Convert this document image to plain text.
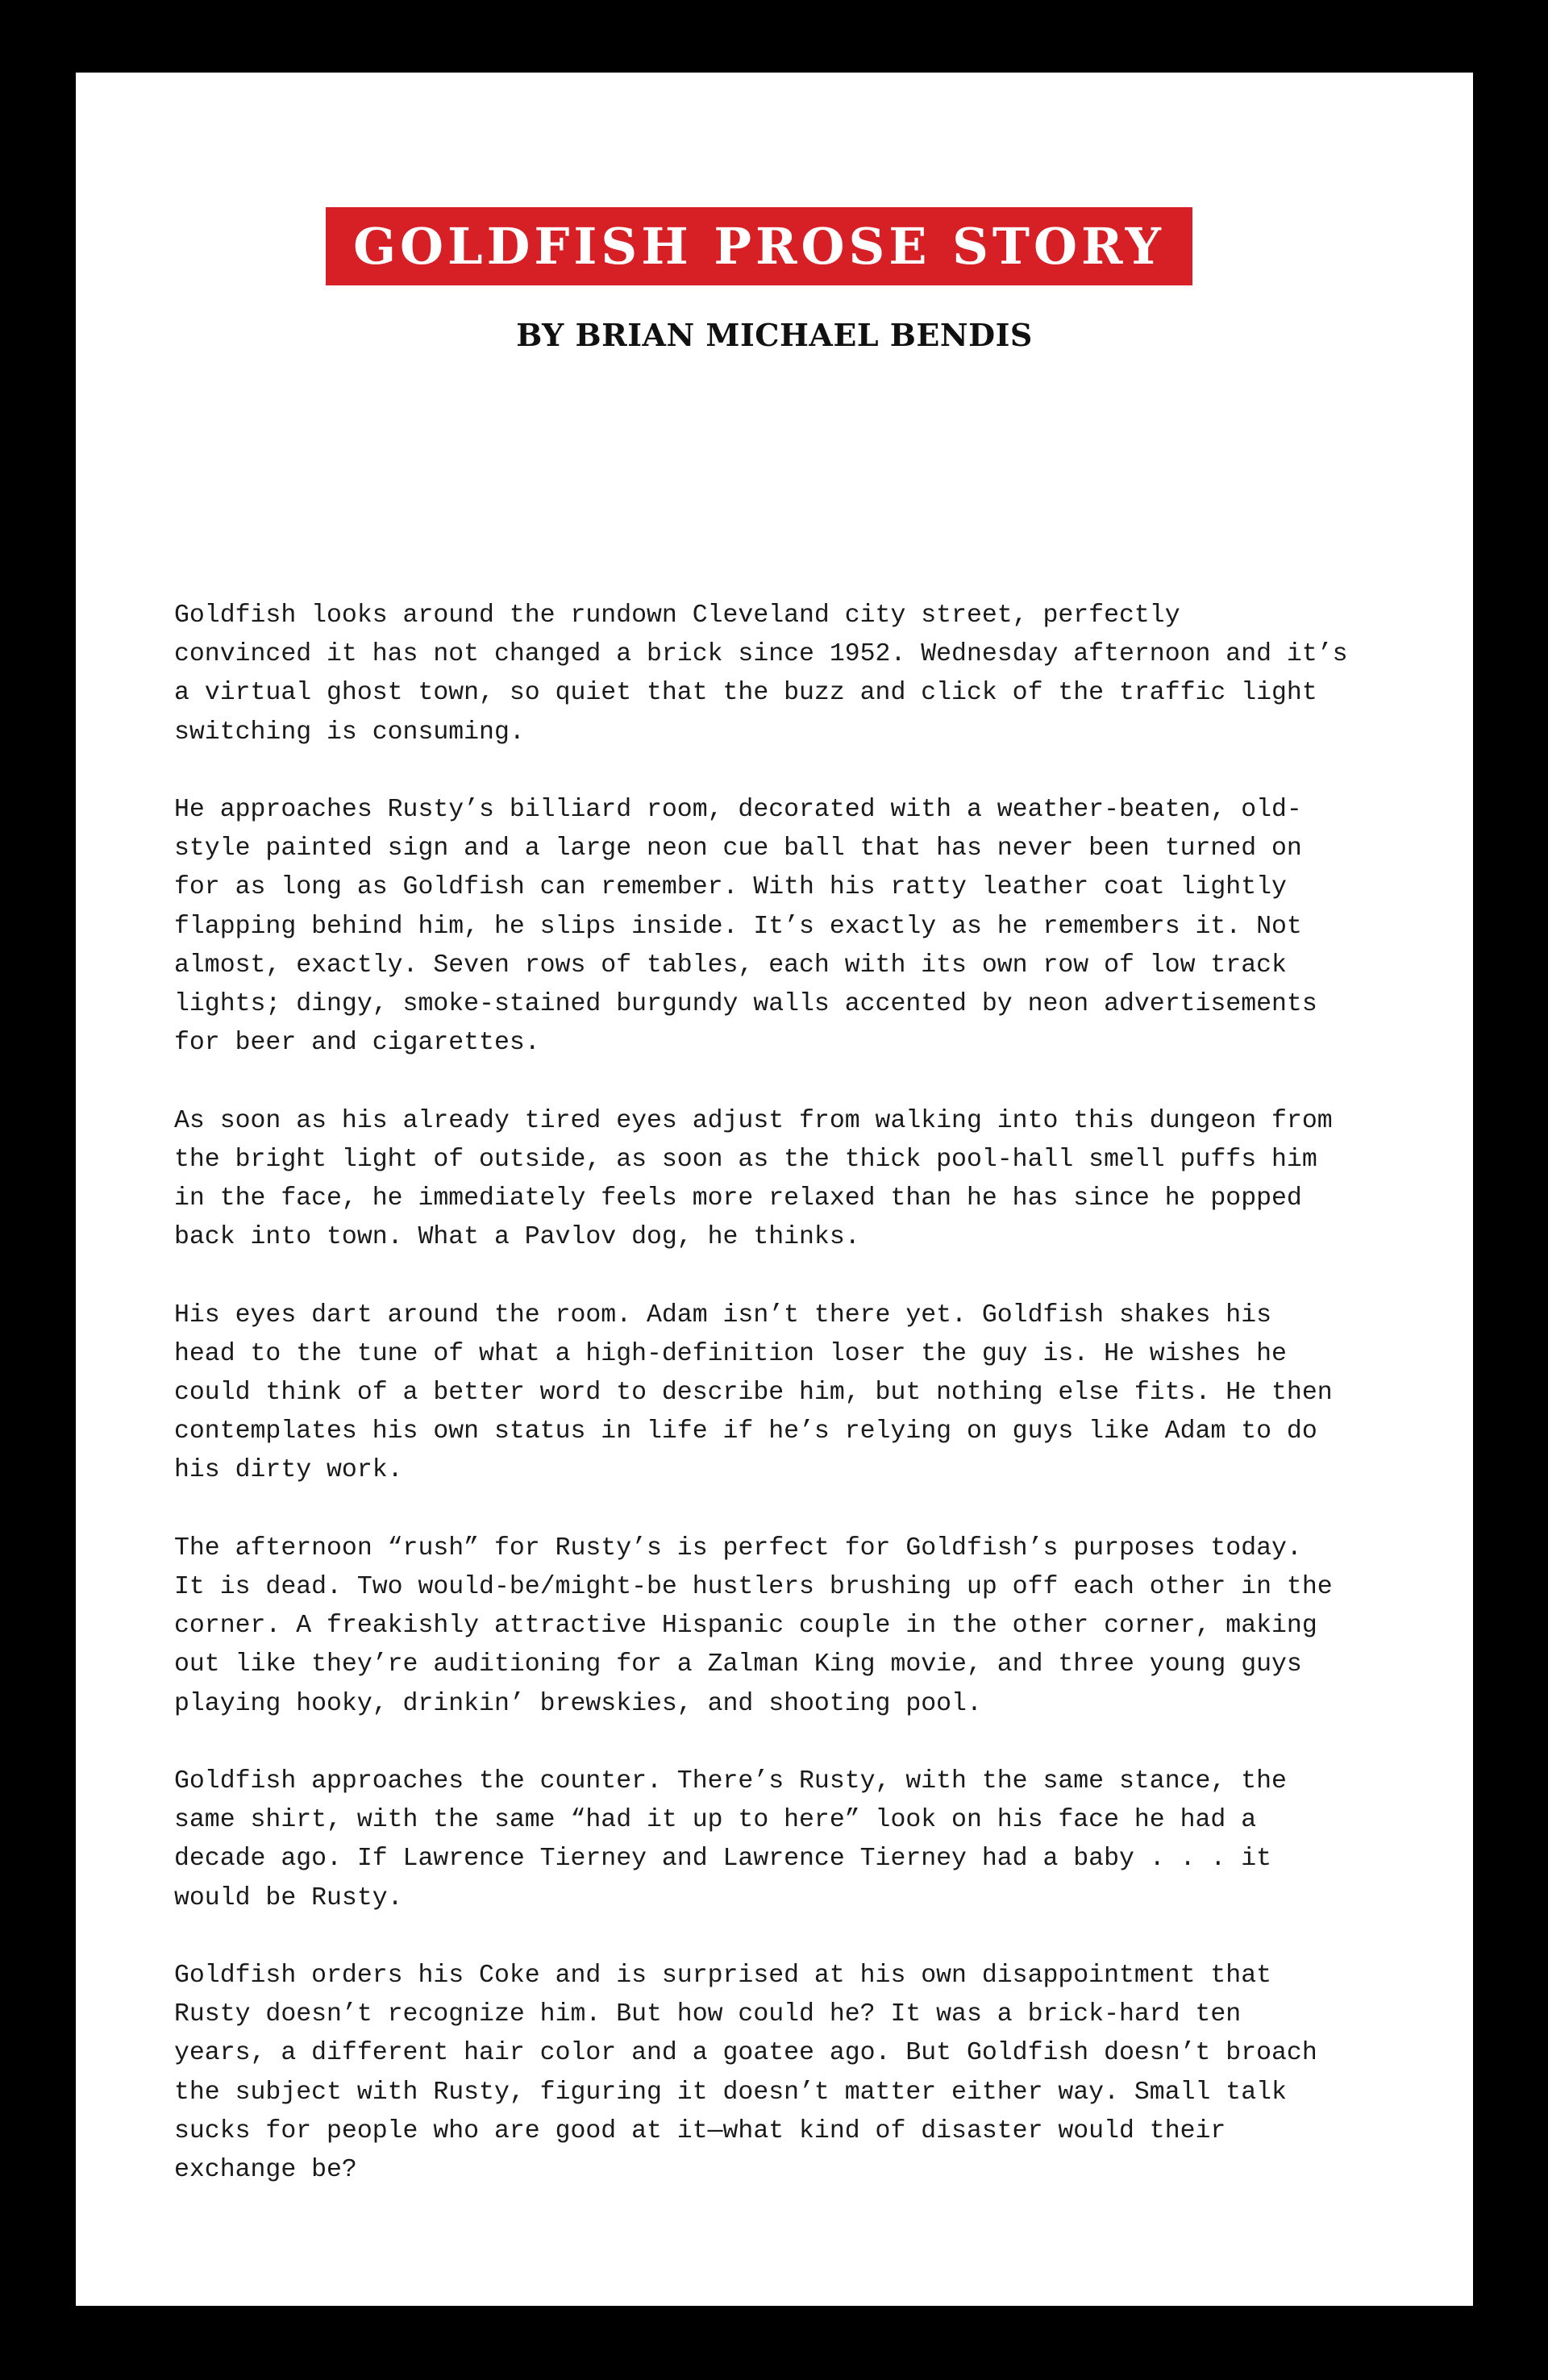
GOLDFISH PROSE STORY
BY BRIAN MICHAEL BENDIS

Goldfish looks around the rundown Cleveland city street, perfectly
convinced it has not changed a brick since 1952. Wednesday afternoon and it’s
a virtual ghost town, so quiet that the buzz and click of the traffic light
switching is consuming.

He approaches Rusty’s billiard room, decorated with a weather-beaten, old-
style painted sign and a large neon cue ball that has never been turned on
for as long as Goldfish can remember. With his ratty leather coat lightly
flapping behind him, he slips inside. It’s exactly as he remembers it. Not
almost, exactly. Seven rows of tables, each with its own row of low track
lights; dingy, smoke-stained burgundy walls accented by neon advertisements
for beer and cigarettes.

As soon as his already tired eyes adjust from walking into this dungeon from
the bright light of outside, as soon as the thick pool-hall smell puffs him
in the face, he immediately feels more relaxed than he has since he popped
back into town. What a Pavlov dog, he thinks.

His eyes dart around the room. Adam isn’t there yet. Goldfish shakes his
head to the tune of what a high-definition loser the guy is. He wishes he
could think of a better word to describe him, but nothing else fits. He then
contemplates his own status in life if he’s relying on guys like Adam to do
his dirty work.

The afternoon “rush” for Rusty’s is perfect for Goldfish’s purposes today.
It is dead. Two would-be/might-be hustlers brushing up off each other in the
corner. A freakishly attractive Hispanic couple in the other corner, making
out like they’re auditioning for a Zalman King movie, and three young guys
playing hooky, drinkin’ brewskies, and shooting pool.

Goldfish approaches the counter. There’s Rusty, with the same stance, the
same shirt, with the same “had it up to here” look on his face he had a
decade ago. If Lawrence Tierney and Lawrence Tierney had a baby . . . it
would be Rusty.

Goldfish orders his Coke and is surprised at his own disappointment that
Rusty doesn’t recognize him. But how could he? It was a brick-hard ten
years, a different hair color and a goatee ago. But Goldfish doesn’t broach
the subject with Rusty, figuring it doesn’t matter either way. Small talk
sucks for people who are good at it—what kind of disaster would their
exchange be?
